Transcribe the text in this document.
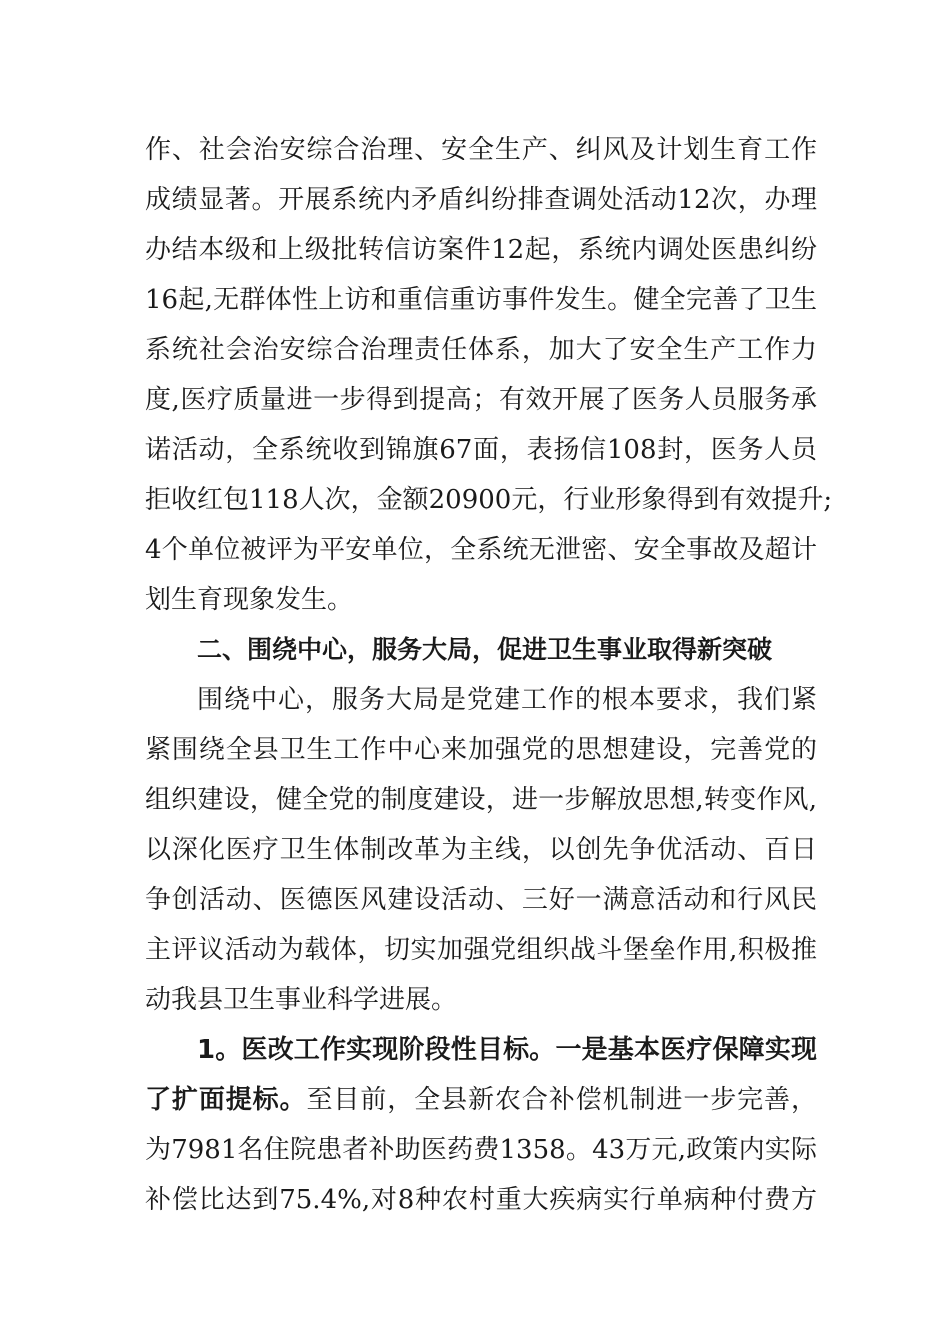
作、社会治安综合治理、安全生产、纠风及计划生育工作
成绩显著。开展系统内矛盾纠纷排查调处活动12次，办理
办结本级和上级批转信访案件12起，系统内调处医患纠纷
16起,无群体性上访和重信重访事件发生。健全完善了卫生
系统社会治安综合治理责任体系，加大了安全生产工作力
度,医疗质量进一步得到提高；有效开展了医务人员服务承
诺活动，全系统收到锦旗67面，表扬信108封，医务人员
拒收红包118人次，金额20900元，行业形象得到有效提升;
4个单位被评为平安单位，全系统无泄密、安全事故及超计
划生育现象发生。
二、围绕中心，服务大局，促进卫生事业取得新突破
围绕中心，服务大局是党建工作的根本要求，我们紧
紧围绕全县卫生工作中心来加强党的思想建设，完善党的
组织建设，健全党的制度建设，进一步解放思想,转变作风,
以深化医疗卫生体制改革为主线，以创先争优活动、百日
争创活动、医德医风建设活动、三好一满意活动和行风民
主评议活动为载体，切实加强党组织战斗堡垒作用,积极推
动我县卫生事业科学进展。
1。医改工作实现阶段性目标。一是基本医疗保障实现
了扩面提标。至目前，全县新农合补偿机制进一步完善，
为7981名住院患者补助医药费1358。43万元,政策内实际
补偿比达到75.4%,对8种农村重大疾病实行单病种付费方
